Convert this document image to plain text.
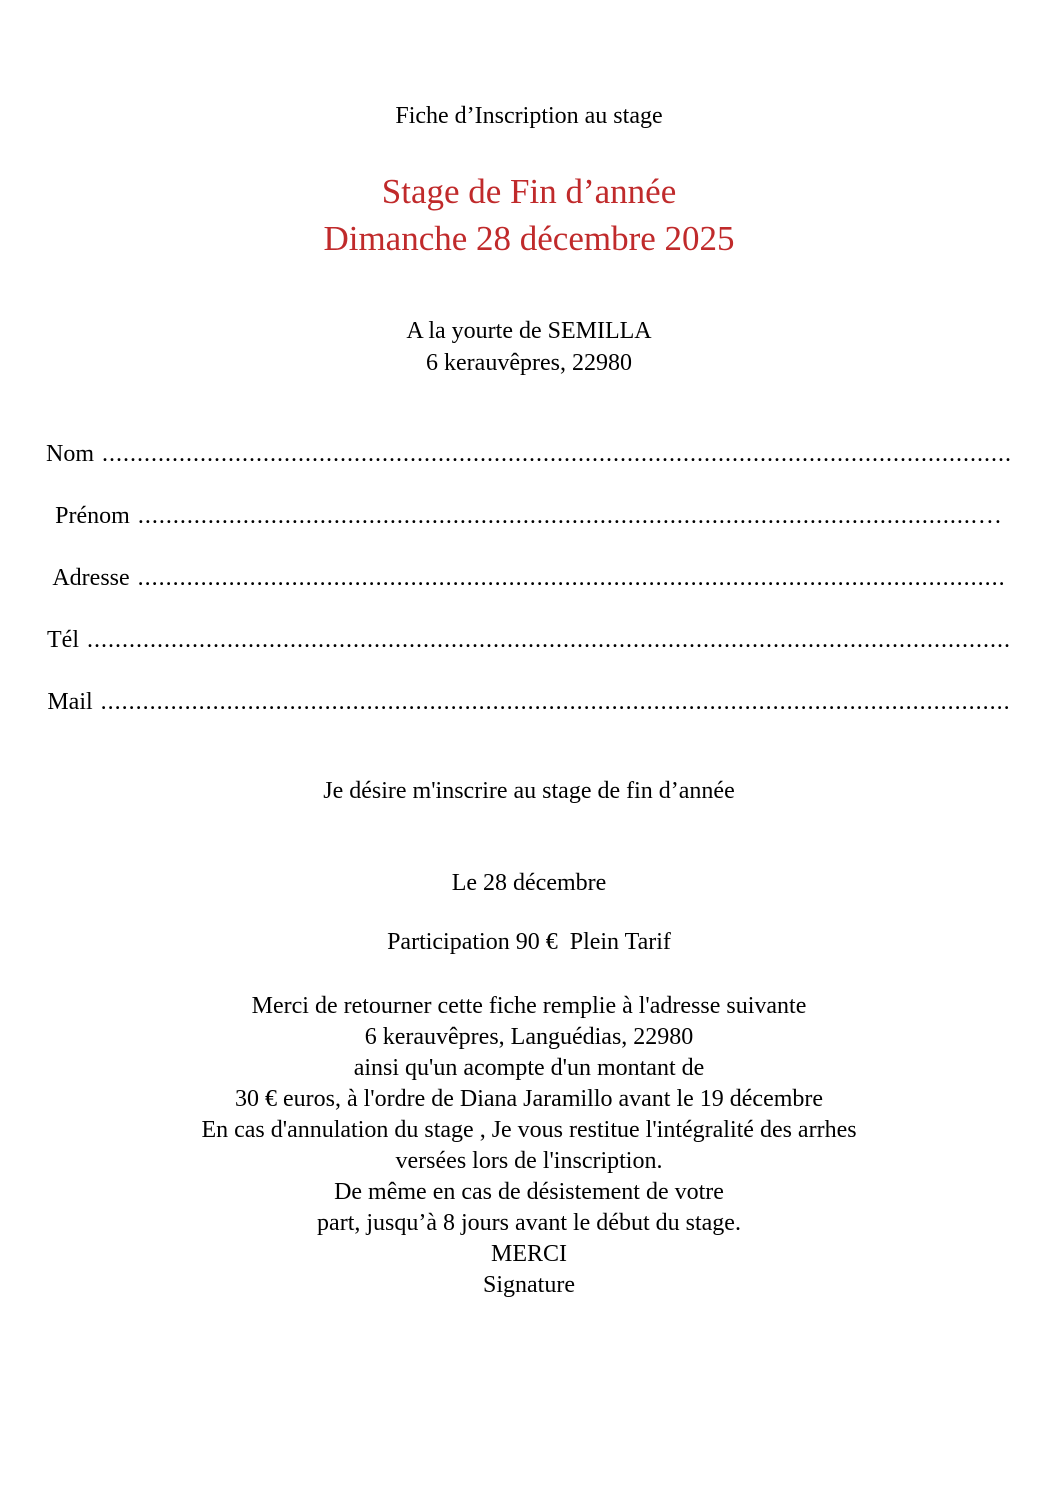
Fiche d’Inscription au stage
Stage de Fin d’année
Dimanche 28 décembre 2025
A la yourte de SEMILLA
6 kerauvêpres, 22980
Nom ..................................................................................................................................
Prénom ........................................................................................................................…
Adresse ............................................................................................................................
Tél ....................................................................................................................................
Mail ..................................................................................................................................
Je désire m'inscrire au stage de fin d’année
Le 28 décembre
Participation 90 €  Plein Tarif
Merci de retourner cette fiche remplie à l'adresse suivante
6 kerauvêpres, Languédias, 22980
ainsi qu'un acompte d'un montant de
30 € euros, à l'ordre de Diana Jaramillo avant le 19 décembre
En cas d'annulation du stage , Je vous restitue l'intégralité des arrhes
versées lors de l'inscription.
De même en cas de désistement de votre
part, jusqu’à 8 jours avant le début du stage.
MERCI
Signature
